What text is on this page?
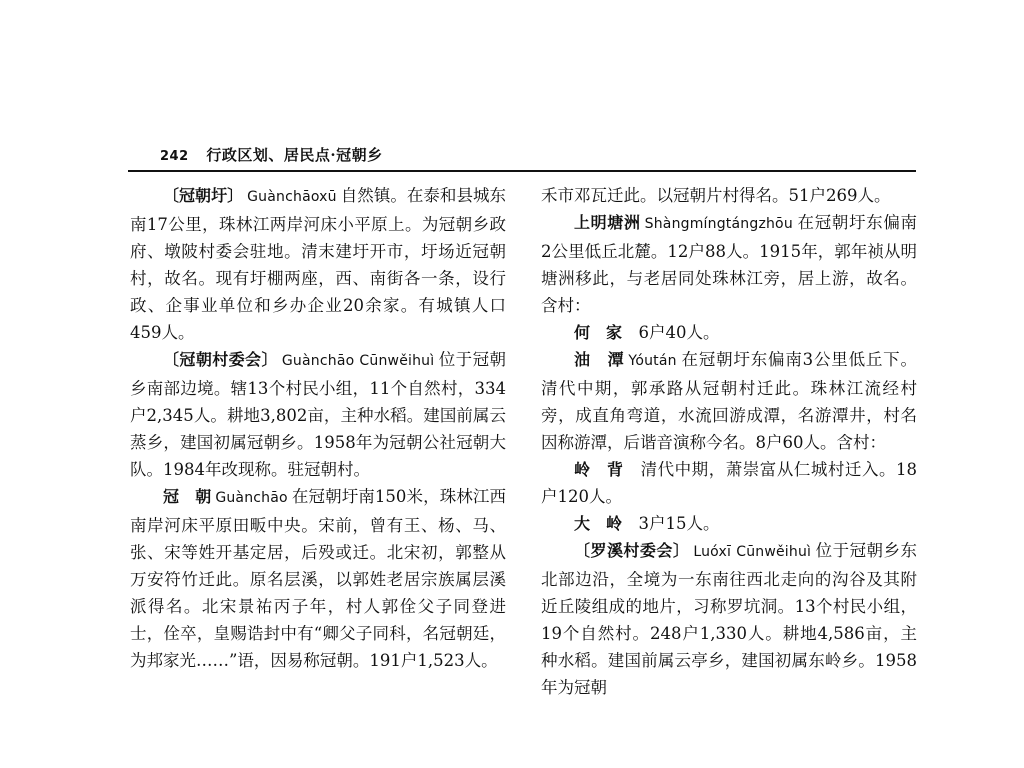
242 行政区划、居民点·冠朝乡

〔冠朝圩〕 Guànchāoxū 自然镇。在泰和县城东南17公里，珠林江两岸河床小平原上。为冠朝乡政府、墩陂村委会驻地。清末建圩开市，圩场近冠朝村，故名。现有圩棚两座，西、南街各一条，设行政、企事业单位和乡办企业20余家。有城镇人口459人。

〔冠朝村委会〕 Guànchāo Cūnwěihuì 位于冠朝乡南部边境。辖13个村民小组，11个自然村，334户2,345人。耕地3,802亩，主种水稻。建国前属云蒸乡，建国初属冠朝乡。1958年为冠朝公社冠朝大队。1984年改现称。驻冠朝村。

冠　朝 Guànchāo 在冠朝圩南150米，珠林江西南岸河床平原田畈中央。宋前，曾有王、杨、马、张、宋等姓开基定居，后殁或迁。北宋初，郭整从万安符竹迁此。原名层溪，以郭姓老居宗族属层溪派得名。北宋景祐丙子年，村人郭佺父子同登进士，佺卒，皇赐诰封中有“卿父子同科，名冠朝廷，为邦家光……”语，因易称冠朝。191户1,523人。

禾市邓瓦迁此。以冠朝片村得名。51户269人。

上明塘洲 Shàngmíngtángzhōu 在冠朝圩东偏南2公里低丘北麓。12户88人。1915年，郭年祯从明塘洲移此，与老居同处珠林江旁，居上游，故名。含村：

何　家　 6户40人。

油　潭 Yóután 在冠朝圩东偏南3公里低丘下。清代中期，郭承路从冠朝村迁此。珠林江流经村旁，成直角弯道，水流回游成潭，名游潭井，村名因称游潭，后谐音演称今名。8户60人。含村：

岭　背　 清代中期，萧崇富从仁城村迁入。18户120人。

大　岭　 3户15人。

〔罗溪村委会〕 Luóxī Cūnwěihuì 位于冠朝乡东北部边沿，全境为一东南往西北走向的沟谷及其附近丘陵组成的地片，习称罗坑洞。13个村民小组，19个自然村。248户1,330人。耕地4,586亩，主种水稻。建国前属云亭乡，建国初属东岭乡。1958年为冠朝
